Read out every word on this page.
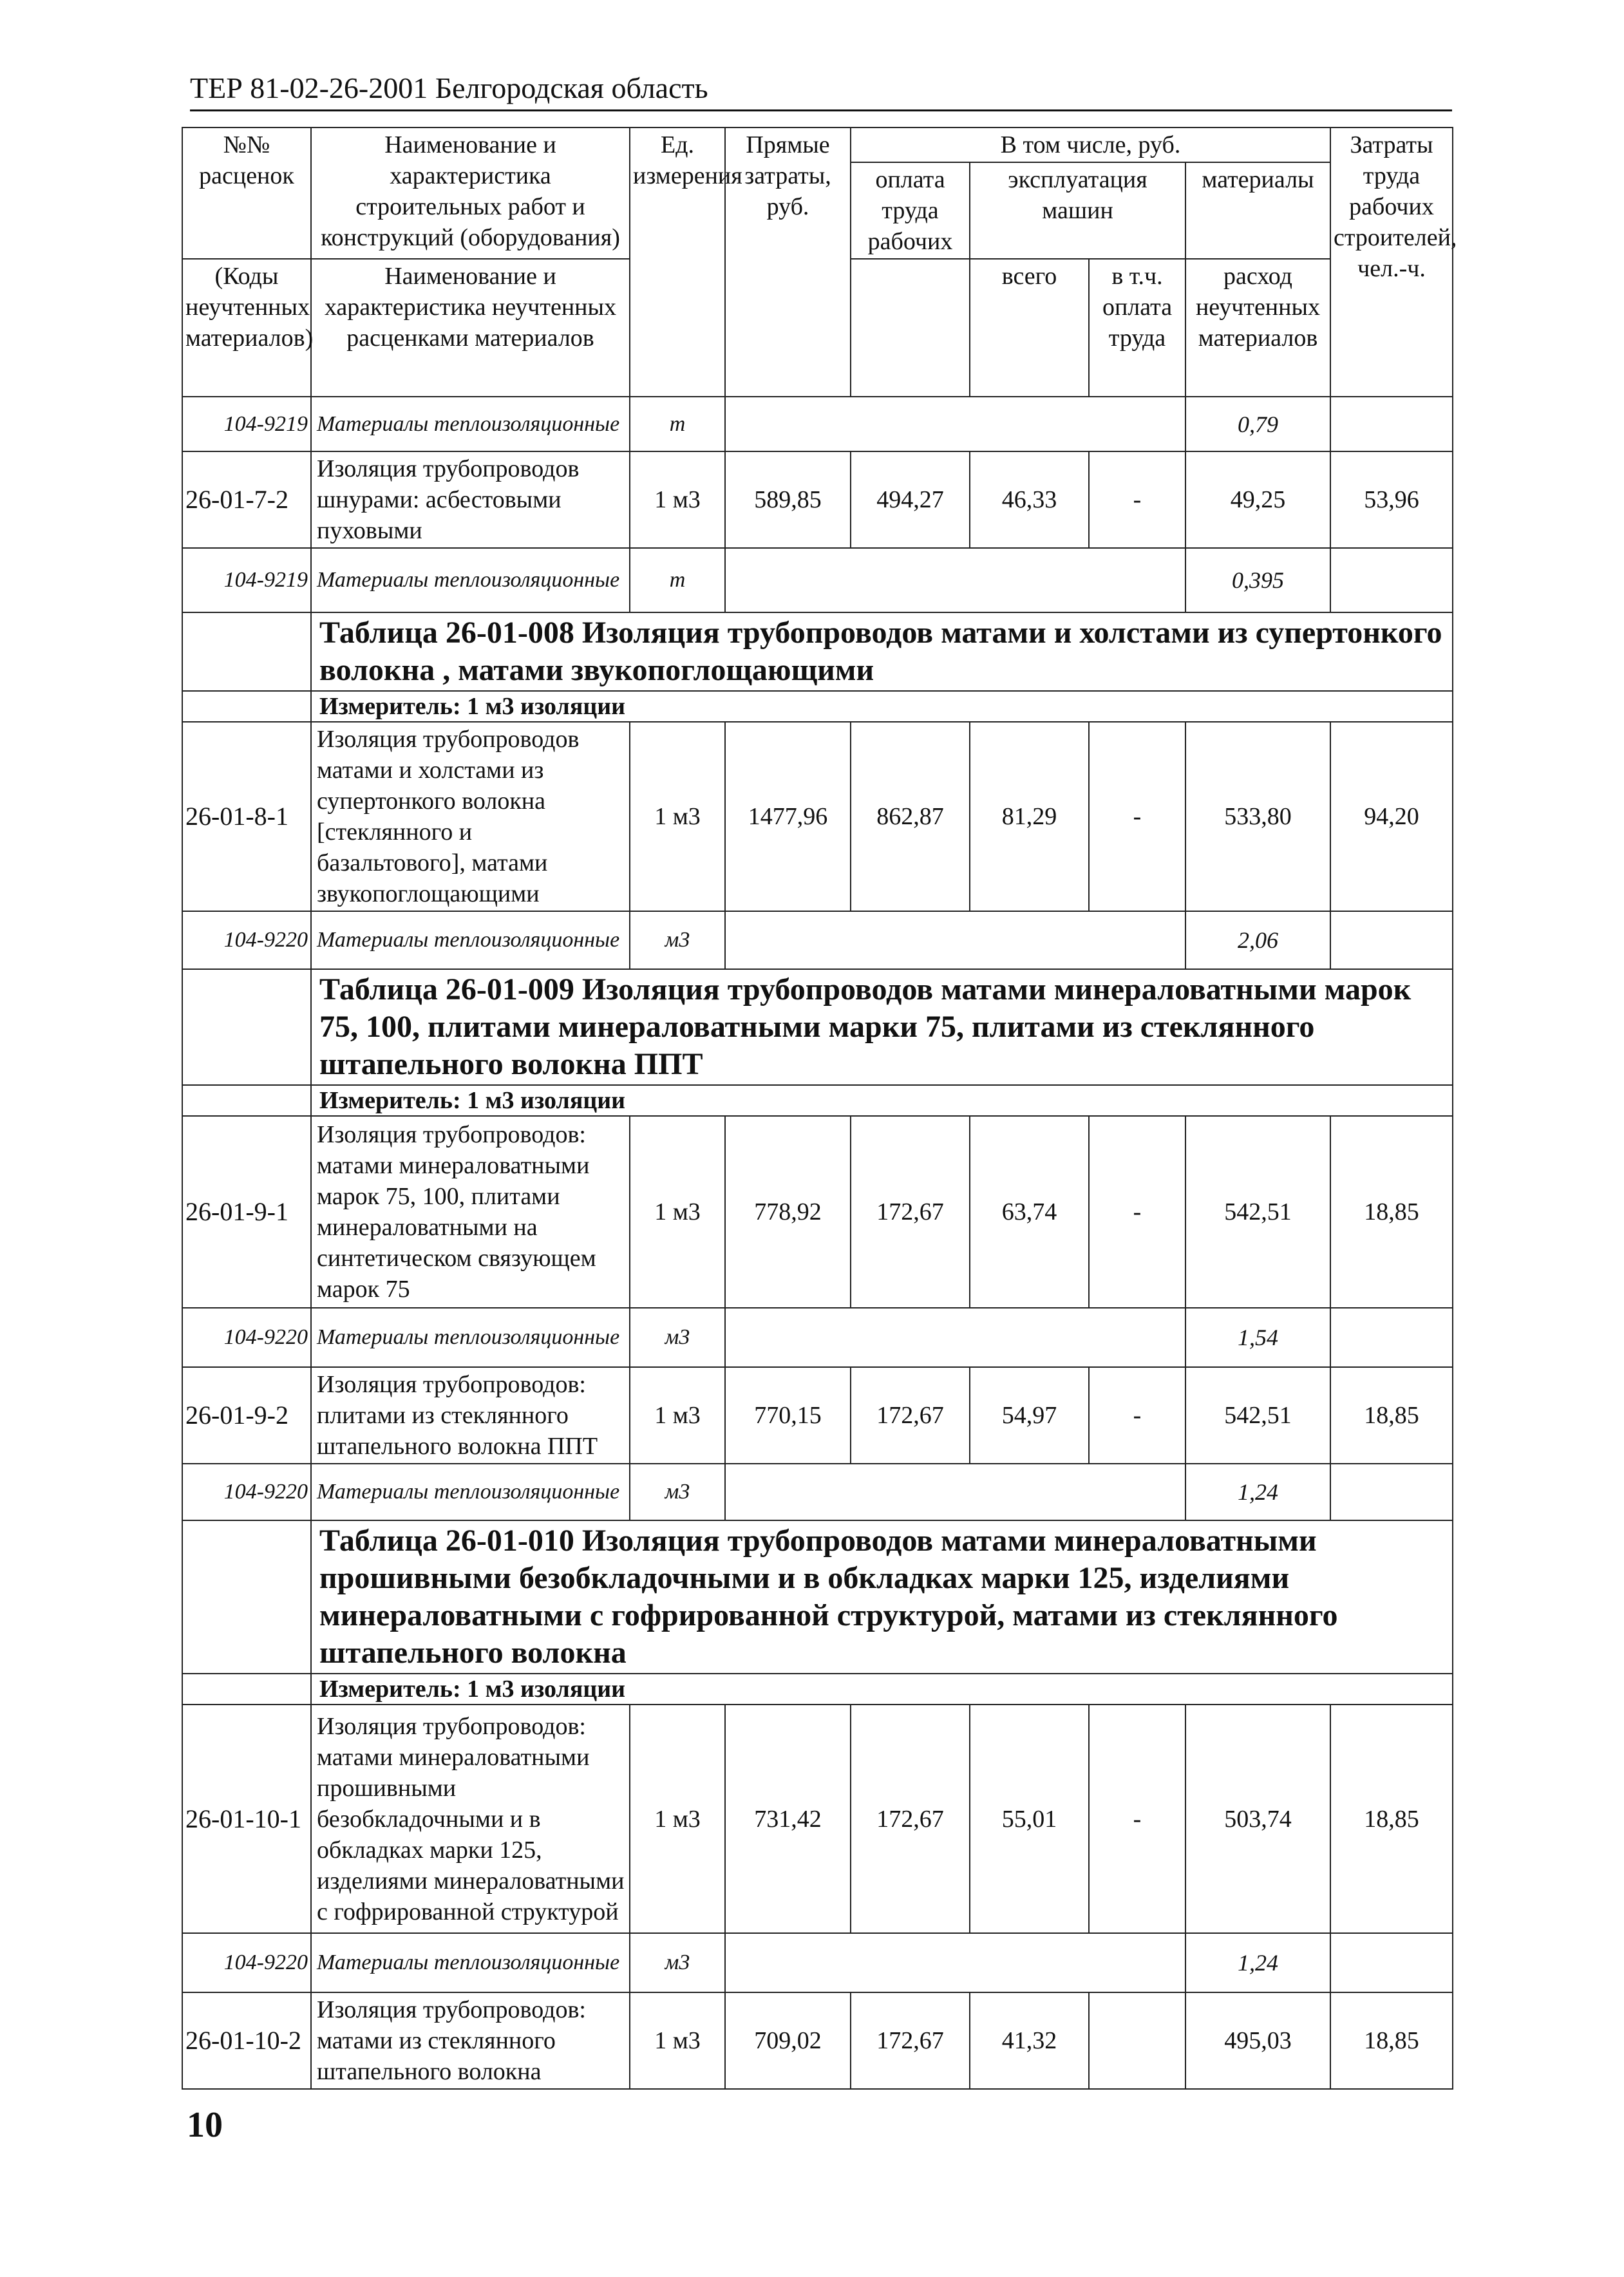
ТЕР 81-02-26-2001 Белгородская область
№№ расценок	Наименование и характеристика строительных работ и конструкций (оборудования)	Ед. измерения	Прямые затраты, руб.	В том числе, руб.				Затраты труда рабочих строителей, чел.-ч.
				оплата труда рабочих	эксплуатация машин		материалы	

(Коды неучтенных материалов)	Наименование и характеристика неучтенных расценками материалов				всего	в т.ч. оплата труда	расход неучтенных материалов	
104-9219	Материалы теплоизоляционные	т					0,79	
26-01-7-2	Изоляция трубопроводов шнурами: асбестовыми пуховыми	1 м3	589,85	494,27	46,33	-	49,25	53,96
104-9219	Материалы теплоизоляционные	т					0,395	
	Таблица 26-01-008 Изоляция трубопроводов матами и холстами из супертонкого волокна , матами звукопоглощающими							
	Измеритель: 1 м3 изоляции							
26-01-8-1	Изоляция трубопроводов матами и холстами из супертонкого волокна [стеклянного и базальтового], матами звукопоглощающими	1 м3	1477,96	862,87	81,29	-	533,80	94,20
104-9220	Материалы теплоизоляционные	м3					2,06	
	Таблица 26-01-009 Изоляция трубопроводов матами минераловатными марок 75, 100, плитами минераловатными марки 75, плитами из стеклянного штапельного волокна ППТ							
	Измеритель: 1 м3 изоляции							
26-01-9-1	Изоляция трубопроводов: матами минераловатными марок 75, 100, плитами минераловатными на синтетическом связующем марок 75	1 м3	778,92	172,67	63,74	-	542,51	18,85
104-9220	Материалы теплоизоляционные	м3					1,54	
26-01-9-2	Изоляция трубопроводов: плитами из стеклянного штапельного волокна ППТ	1 м3	770,15	172,67	54,97	-	542,51	18,85
104-9220	Материалы теплоизоляционные	м3					1,24	
	Таблица 26-01-010 Изоляция трубопроводов матами минераловатными прошивными безобкладочными и в обкладках марки 125, изделиями минераловатными с гофрированной структурой, матами из стеклянного штапельного волокна							
	Измеритель: 1 м3 изоляции							
26-01-10-1	Изоляция трубопроводов: матами минераловатными прошивными безобкладочными и в обкладках марки 125, изделиями минераловатными с гофрированной структурой	1 м3	731,42	172,67	55,01	-	503,74	18,85
104-9220	Материалы теплоизоляционные	м3					1,24	
26-01-10-2	Изоляция трубопроводов: матами из стеклянного штапельного волокна	1 м3	709,02	172,67	41,32		495,03	18,85
10
